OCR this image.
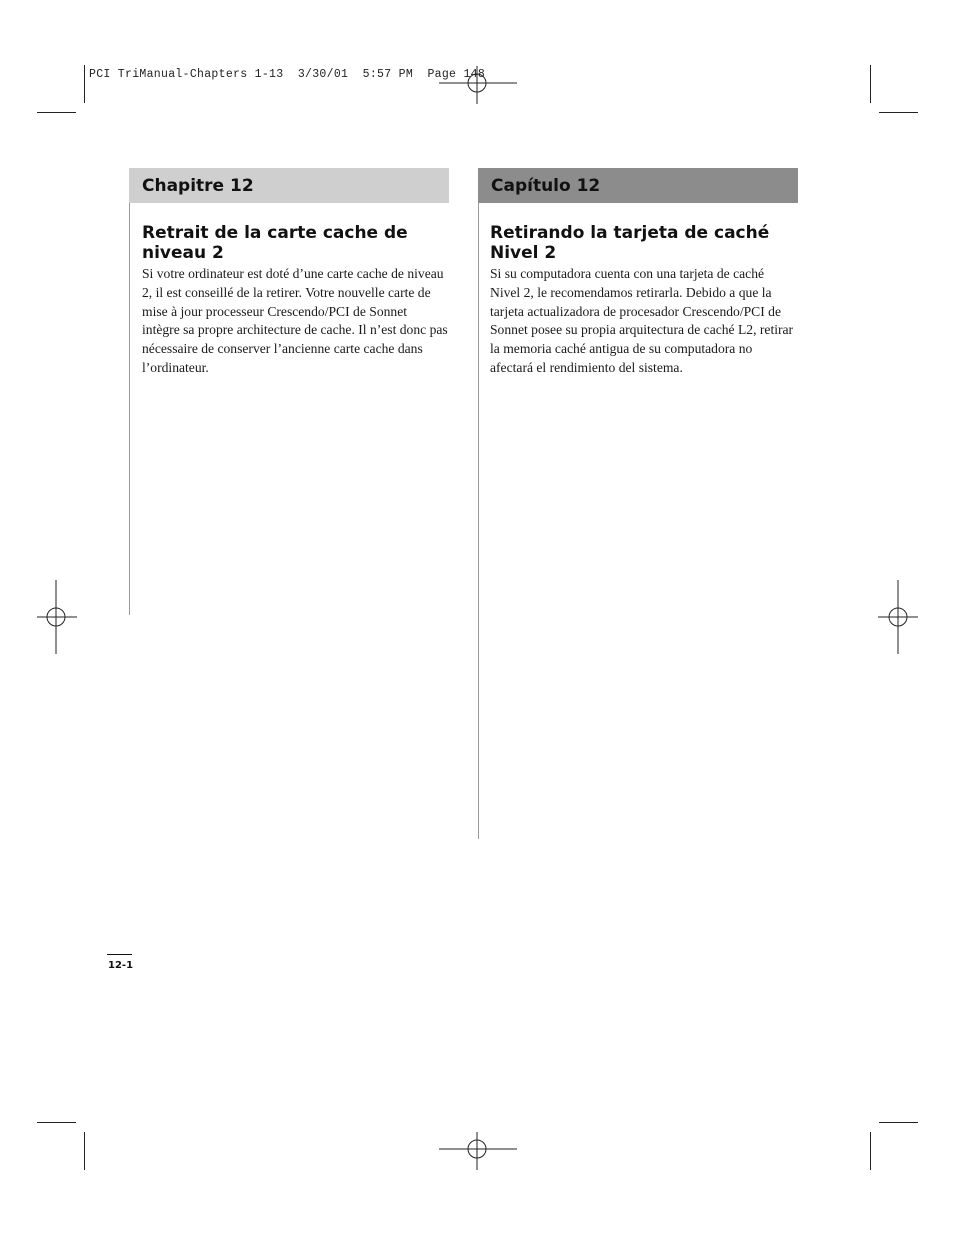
PCI TriManual-Chapters 1-13  3/30/01  5:57 PM  Page 148
Chapitre 12
Retrait de la carte cache de niveau 2
Si votre ordinateur est doté d’une carte cache de niveau 2, il est conseillé de la retirer. Votre nouvelle carte de mise à jour processeur Crescendo/PCI de Sonnet intègre sa propre architecture de cache. Il n’est donc pas nécessaire de conserver l’ancienne carte cache dans l’ordinateur.
Capítulo 12
Retirando la tarjeta de caché Nivel 2
Si su computadora cuenta con una tarjeta de caché Nivel 2, le recomendamos retirarla. Debido a que la tarjeta actualizadora de procesador Crescendo/PCI de Sonnet posee su propia arquitectura de caché L2, retirar la memoria caché antigua de su computadora no afectará el rendimiento del sistema.
12-1
